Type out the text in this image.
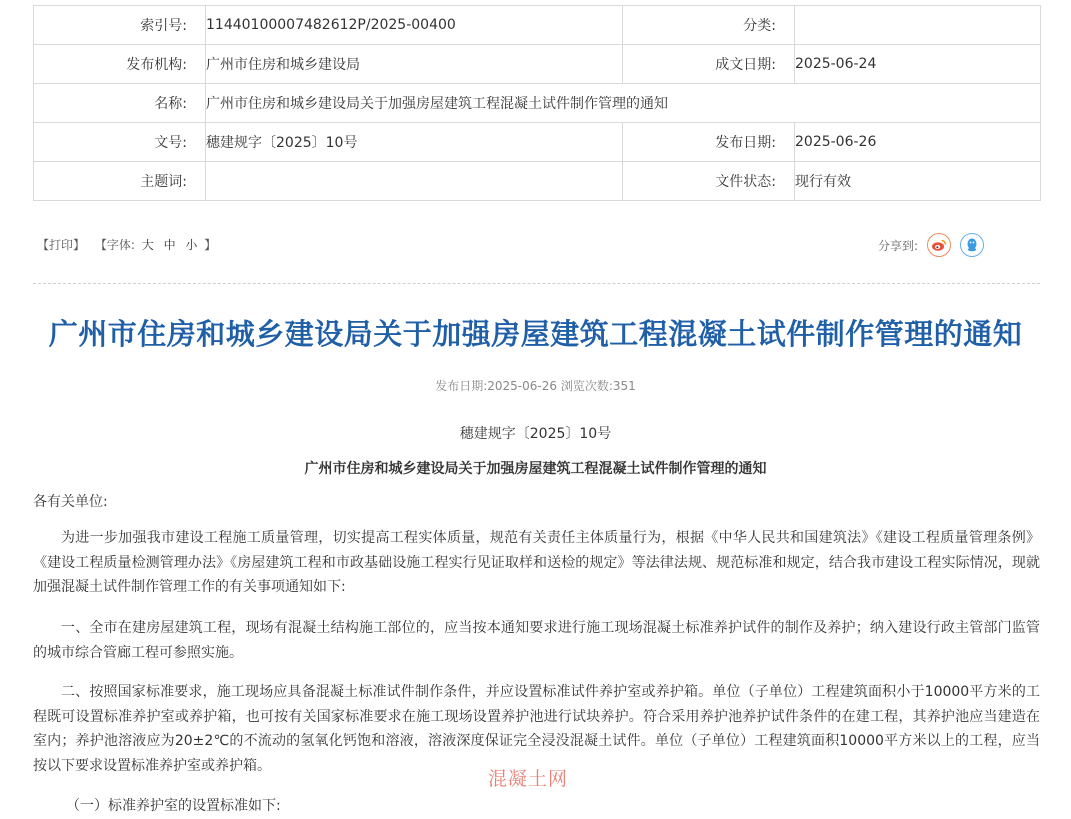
索引号:	11440100007482612P/2025-00400	分类:	
发布机构:	广州市住房和城乡建设局	成文日期:	2025-06-24
名称:	广州市住房和城乡建设局关于加强房屋建筑工程混凝土试件制作管理的通知		
文号:	穗建规字〔2025〕10号	发布日期:	2025-06-26
主题词:		文件状态:	现行有效
【打印】 【字体: 大 中 小 】	分享到:
广州市住房和城乡建设局关于加强房屋建筑工程混凝土试件制作管理的通知
发布日期:2025-06-26 浏览次数:351
穗建规字〔2025〕10号
广州市住房和城乡建设局关于加强房屋建筑工程混凝土试件制作管理的通知

各有关单位:

为进一步加强我市建设工程施工质量管理，切实提高工程实体质量，规范有关责任主体质量行为，根据《中华人民共和国建筑法》《建设工程质量管理条例》《建设工程质量检测管理办法》《房屋建筑工程和市政基础设施工程实行见证取样和送检的规定》等法律法规、规范标准和规定，结合我市建设工程实际情况，现就加强混凝土试件制作管理工作的有关事项通知如下:

一、全市在建房屋建筑工程，现场有混凝土结构施工部位的，应当按本通知要求进行施工现场混凝土标准养护试件的制作及养护；纳入建设行政主管部门监管的城市综合管廊工程可参照实施。

二、按照国家标准要求，施工现场应具备混凝土标准试件制作条件，并应设置标准试件养护室或养护箱。单位（子单位）工程建筑面积小于10000平方米的工程既可设置标准养护室或养护箱，也可按有关国家标准要求在施工现场设置养护池进行试块养护。符合采用养护池养护试件条件的在建工程，其养护池应当建造在室内；养护池溶液应为20±2℃的不流动的氢氧化钙饱和溶液，溶液深度保证完全浸没混凝土试件。单位（子单位）工程建筑面积10000平方米以上的工程，应当按以下要求设置标准养护室或养护箱。

混凝土网
（一）标准养护室的设置标准如下:
